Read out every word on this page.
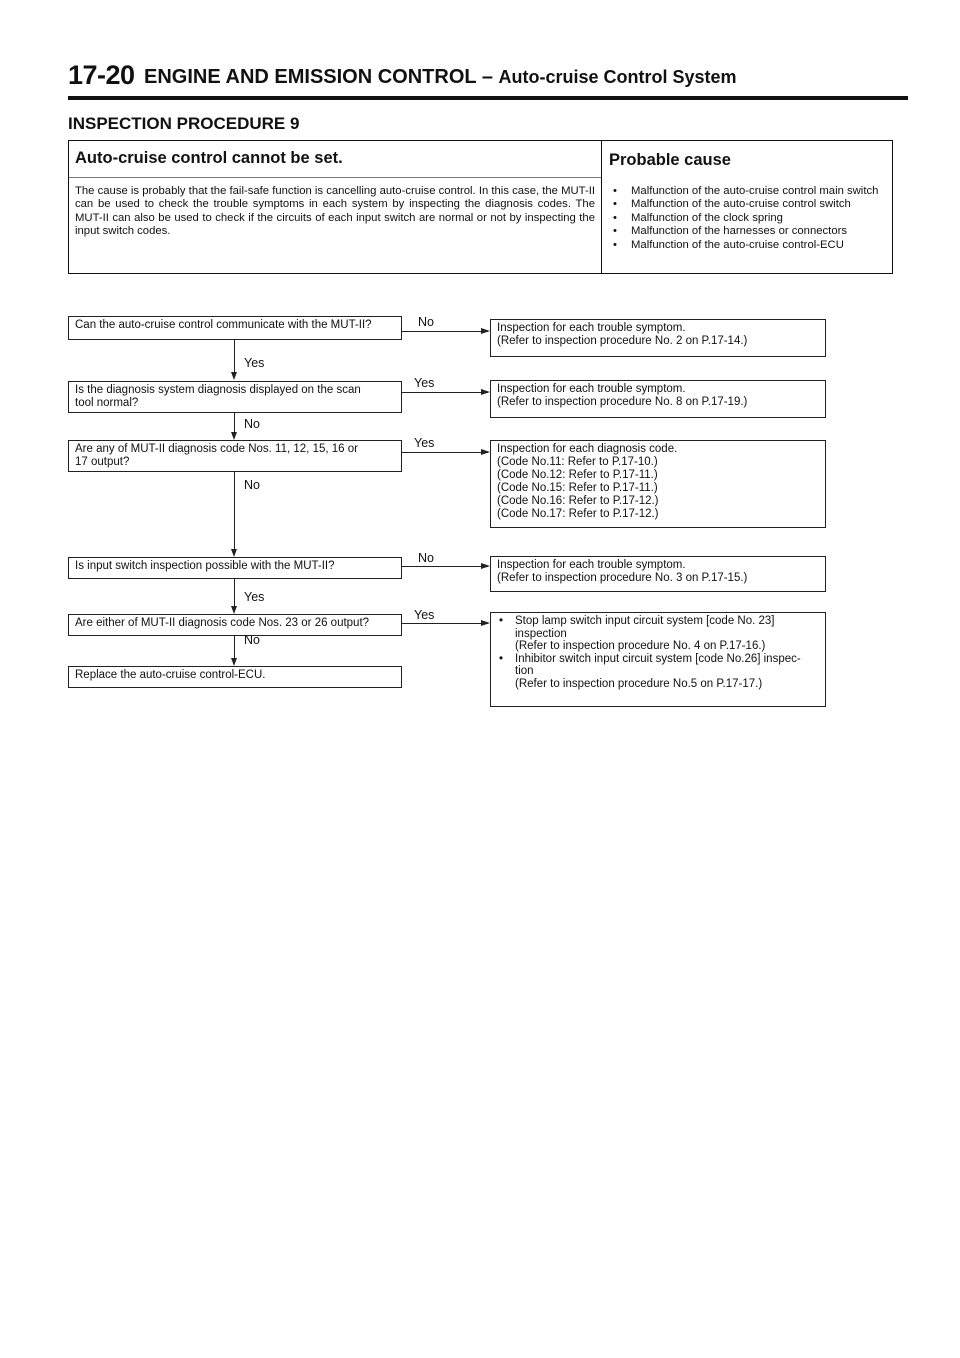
17-20 ENGINE AND EMISSION CONTROL – Auto-cruise Control System
INSPECTION PROCEDURE 9
Auto-cruise control cannot be set.	Probable cause
The cause is probably that the fail-safe function is cancelling auto-cruise control. In this case, the MUT-II can be used to check the trouble symptoms in each system by inspecting the diagnosis codes. The MUT-II can also be used to check if the circuits of each input switch are normal or not by inspecting the input switch codes.
• Malfunction of the auto-cruise control main switch
• Malfunction of the auto-cruise control switch
• Malfunction of the clock spring
• Malfunction of the harnesses or connectors
• Malfunction of the auto-cruise control-ECU
Can the auto-cruise control communicate with the MUT-II?	No	Inspection for each trouble symptom.
(Refer to inspection procedure No. 2 on P.17-14.)
Yes
Is the diagnosis system diagnosis displayed on the scan
tool normal?
Yes	Inspection for each trouble symptom.
(Refer to inspection procedure No. 8 on P.17-19.)
No
Are any of MUT-II diagnosis code Nos. 11, 12, 15, 16 or
17 output?
Yes	Inspection for each diagnosis code.
(Code No.11: Refer to P.17-10.)
(Code No.12: Refer to P.17-11.)
(Code No.15: Refer to P.17-11.)
(Code No.16: Refer to P.17-12.)
(Code No.17: Refer to P.17-12.)
No
Is input switch inspection possible with the MUT-II?
No	Inspection for each trouble symptom.
(Refer to inspection procedure No. 3 on P.17-15.)
Yes
Are either of MUT-II diagnosis code Nos. 23 or 26 output?
Yes	• Stop lamp switch input circuit system [code No. 23]
inspection
(Refer to inspection procedure No. 4 on P.17-16.)
• Inhibitor switch input circuit system [code No.26] inspec-
tion
(Refer to inspection procedure No.5 on P.17-17.)
No
Replace the auto-cruise control-ECU.
